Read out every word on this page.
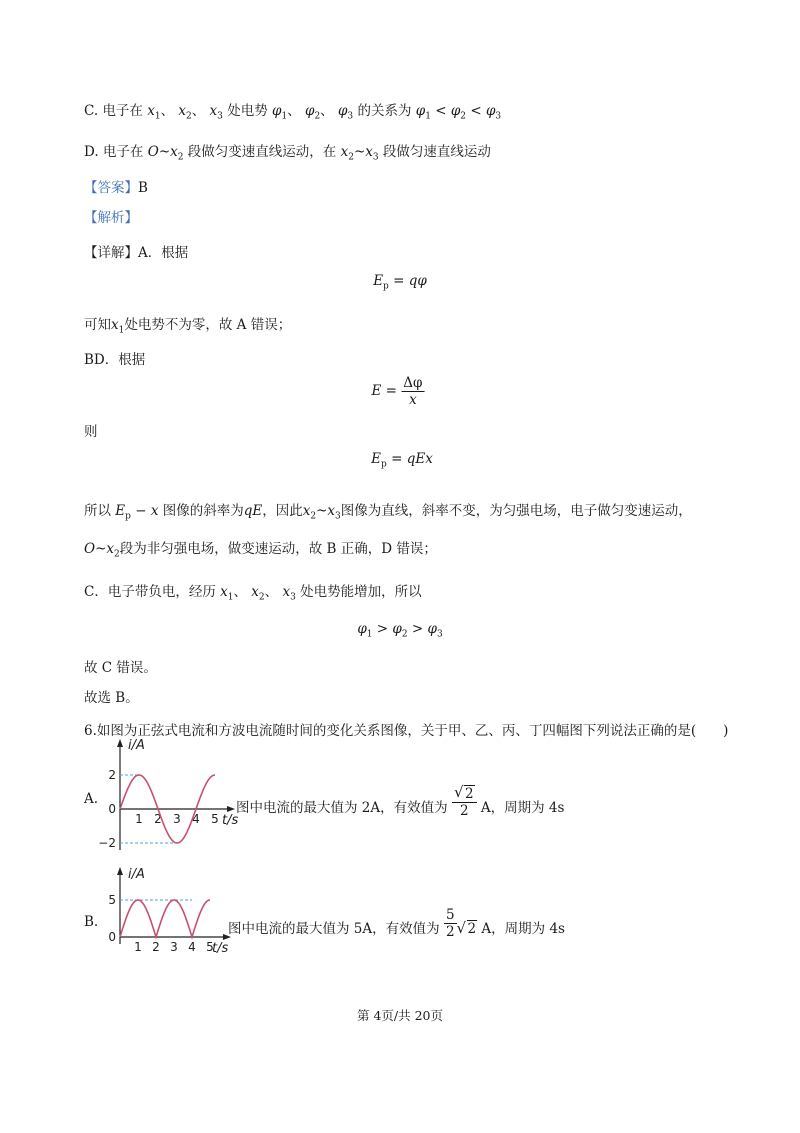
C. 电子在 $x_1$、 $x_2$、 $x_3$ 处电势 $\varphi_1$、 $\varphi_2$、 $\varphi_3$ 的关系为 $\varphi_1 < \varphi_2 < \varphi_3$
D. 电子在 $O\sim x_2$ 段做匀变速直线运动，在 $x_2\sim x_3$ 段做匀速直线运动
【答案】B
【解析】
【详解】A．根据
$E_p = q\varphi$
可知$x_1$处电势不为零，故 A 错误；
BD．根据
$E = \frac{\Delta\varphi}{x}$
则
$E_p$ = qEx
所以 $E_p - x$ 图像的斜率为qE，因此$x_2\sim x_3$图像为直线，斜率不变，为匀强电场，电子做匀变速运动，
$O\sim x_2$段为非匀强电场，做变速运动，故 B 正确，D 错误；
C．电子带负电，经历 $x_1$、 $x_2$、 $x_3$ 处电势能增加，所以
$\varphi_1 > \varphi_2 > \varphi_3$
故 C 错误。
故选 B。
6.如图为正弦式电流和方波电流随时间的变化关系图像，关于甲、乙、丙、丁四幅图下列说法正确的是(　　)
A.
i/A
2
0
−2
1 2 3 4 5 t/s
图中电流的最大值为 2A，有效值为 $\frac{√ 2}{2}$ A，周期为 4s
B.
i/A
5
0
1 2 3 4 5
t/s
图中电流的最大值为 5A，有效值为 $\frac{5}{2}$ √ 2 A，周期为 4s
第 4页/共 20页
